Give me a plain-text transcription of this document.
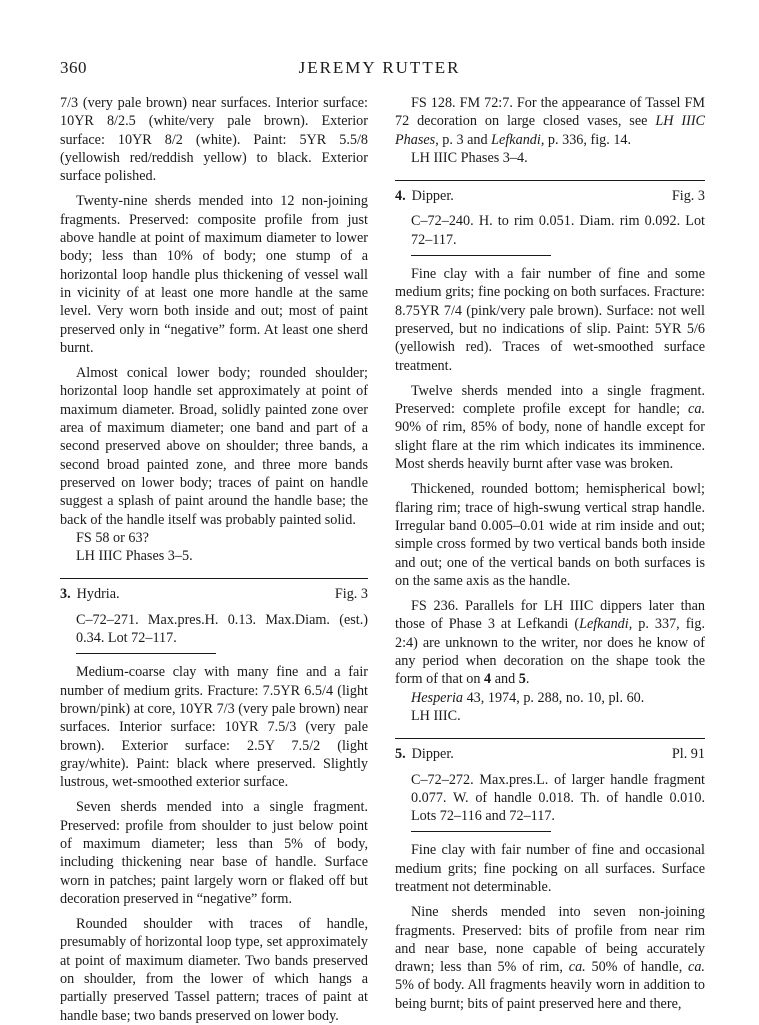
360	JEREMY RUTTER

7/3 (very pale brown) near surfaces. Interior surface: 10YR 8/2.5 (white/very pale brown). Exterior surface: 10YR 8/2 (white). Paint: 5YR 5.5/8 (yellowish red/reddish yellow) to black. Exterior surface polished.

Twenty-nine sherds mended into 12 non-joining fragments. Preserved: composite profile from just above handle at point of maximum diameter to lower body; less than 10% of body; one stump of a horizontal loop handle plus thickening of vessel wall in vicinity of at least one more handle at the same level. Very worn both inside and out; most of paint preserved only in “negative” form. At least one sherd burnt.

Almost conical lower body; rounded shoulder; horizontal loop handle set approximately at point of maximum diameter. Broad, solidly painted zone over area of maximum diameter; one band and part of a second preserved above on shoulder; three bands, a second broad painted zone, and three more bands preserved on lower body; traces of paint on handle suggest a splash of paint around the handle base; the back of the handle itself was probably painted solid.

FS 58 or 63?

LH IIIC Phases 3–5.

3. Hydria.	Fig. 3

C–72–271. Max.pres.H. 0.13. Max.Diam. (est.) 0.34. Lot 72–117.

Medium-coarse clay with many fine and a fair number of medium grits. Fracture: 7.5YR 6.5/4 (light brown/pink) at core, 10YR 7/3 (very pale brown) near surfaces. Interior surface: 10YR 7.5/3 (very pale brown). Exterior surface: 2.5Y 7.5/2 (light gray/white). Paint: black where preserved. Slightly lustrous, wet-smoothed exterior surface.

Seven sherds mended into a single fragment. Preserved: profile from shoulder to just below point of maximum diameter; less than 5% of body, including thickening near base of handle. Surface worn in patches; paint largely worn or flaked off but decoration preserved in “negative” form.

Rounded shoulder with traces of handle, presumably of horizontal loop type, set approximately at point of maximum diameter. Two bands preserved on shoulder, from the lower of which hangs a partially preserved Tassel pattern; traces of paint at handle base; two bands preserved on lower body.

FS 128. FM 72:7. For the appearance of Tassel FM 72 decoration on large closed vases, see LH IIIC Phases, p. 3 and Lefkandi, p. 336, fig. 14.

LH IIIC Phases 3–4.

4. Dipper.	Fig. 3

C–72–240. H. to rim 0.051. Diam. rim 0.092. Lot 72–117.

Fine clay with a fair number of fine and some medium grits; fine pocking on both surfaces. Fracture: 8.75YR 7/4 (pink/very pale brown). Surface: not well preserved, but no indications of slip. Paint: 5YR 5/6 (yellowish red). Traces of wet-smoothed surface treatment.

Twelve sherds mended into a single fragment. Preserved: complete profile except for handle; ca. 90% of rim, 85% of body, none of handle except for slight flare at the rim which indicates its imminence. Most sherds heavily burnt after vase was broken.

Thickened, rounded bottom; hemispherical bowl; flaring rim; trace of high-swung vertical strap handle. Irregular band 0.005–0.01 wide at rim inside and out; simple cross formed by two vertical bands both inside and out; one of the vertical bands on both surfaces is on the same axis as the handle.

FS 236. Parallels for LH IIIC dippers later than those of Phase 3 at Lefkandi (Lefkandi, p. 337, fig. 2:4) are unknown to the writer, nor does he know of any period when decoration on the shape took the form of that on 4 and 5.

Hesperia 43, 1974, p. 288, no. 10, pl. 60.

LH IIIC.

5. Dipper.	Pl. 91

C–72–272. Max.pres.L. of larger handle fragment 0.077. W. of handle 0.018. Th. of handle 0.010. Lots 72–116 and 72–117.

Fine clay with fair number of fine and occasional medium grits; fine pocking on all surfaces. Surface treatment not determinable.

Nine sherds mended into seven non-joining fragments. Preserved: bits of profile from near rim and near base, none capable of being accurately drawn; less than 5% of rim, ca. 50% of handle, ca. 5% of body. All fragments heavily worn in addition to being burnt; bits of paint preserved here and there,
